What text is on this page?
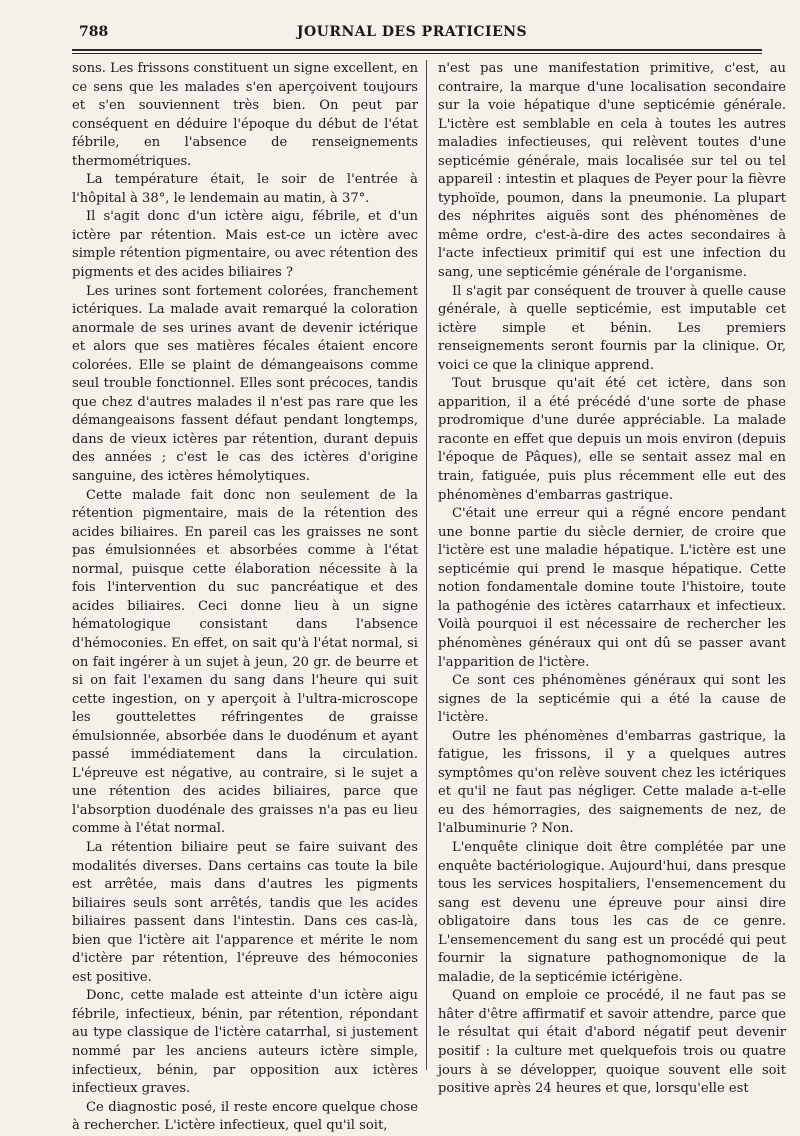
788	JOURNAL DES PRATICIENS

sons. Les frissons constituent un signe excellent, en ce sens que les malades s'en aperçoivent toujours et s'en souviennent très bien. On peut par conséquent en déduire l'époque du début de l'état fébrile, en l'absence de renseignements thermométriques.

La température était, le soir de l'entrée à l'hôpital à 38°, le lendemain au matin, à 37°.

Il s'agit donc d'un ictère aigu, fébrile, et d'un ictère par rétention. Mais est-ce un ictère avec simple rétention pigmentaire, ou avec rétention des pigments et des acides biliaires ?

Les urines sont fortement colorées, franchement ictériques. La malade avait remarqué la coloration anormale de ses urines avant de devenir ictérique et alors que ses matières fécales étaient encore colorées. Elle se plaint de démangeaisons comme seul trouble fonctionnel. Elles sont précoces, tandis que chez d'autres malades il n'est pas rare que les démangeaisons fassent défaut pendant longtemps, dans de vieux ictères par rétention, durant depuis des années ; c'est le cas des ictères d'origine sanguine, des ictères hémolytiques.

Cette malade fait donc non seulement de la rétention pigmentaire, mais de la rétention des acides biliaires. En pareil cas les graisses ne sont pas émulsionnées et absorbées comme à l'état normal, puisque cette élaboration nécessite à la fois l'intervention du suc pancréatique et des acides biliaires. Ceci donne lieu à un signe hématologique consistant dans l'absence d'hémoconies. En effet, on sait qu'à l'état normal, si on fait ingérer à un sujet à jeun, 20 gr. de beurre et si on fait l'examen du sang dans l'heure qui suit cette ingestion, on y aperçoit à l'ultra-microscope les gouttelettes réfringentes de graisse émulsionnée, absorbée dans le duodénum et ayant passé immédiatement dans la circulation. L'épreuve est négative, au contraire, si le sujet a une rétention des acides biliaires, parce que l'absorption duodénale des graisses n'a pas eu lieu comme à l'état normal.

La rétention biliaire peut se faire suivant des modalités diverses. Dans certains cas toute la bile est arrêtée, mais dans d'autres les pigments biliaires seuls sont arrêtés, tandis que les acides biliaires passent dans l'intestin. Dans ces cas-là, bien que l'ictère ait l'apparence et mérite le nom d'ictère par rétention, l'épreuve des hémoconies est positive.

Donc, cette malade est atteinte d'un ictère aigu fébrile, infectieux, bénin, par rétention, répondant au type classique de l'ictère catarrhal, si justement nommé par les anciens auteurs ictère simple, infectieux, bénin, par opposition aux ictères infectieux graves.

Ce diagnostic posé, il reste encore quelque chose à rechercher. L'ictère infectieux, quel qu'il soit,

n'est pas une manifestation primitive, c'est, au contraire, la marque d'une localisation secondaire sur la voie hépatique d'une septicémie générale. L'ictère est semblable en cela à toutes les autres maladies infectieuses, qui relèvent toutes d'une septicémie générale, mais localisée sur tel ou tel appareil : intestin et plaques de Peyer pour la fièvre typhoïde, poumon, dans la pneumonie. La plupart des néphrites aiguës sont des phénomènes de même ordre, c'est-à-dire des actes secondaires à l'acte infectieux primitif qui est une infection du sang, une septicémie générale de l'organisme.

Il s'agit par conséquent de trouver à quelle cause générale, à quelle septicémie, est imputable cet ictère simple et bénin. Les premiers renseignements seront fournis par la clinique. Or, voici ce que la clinique apprend.

Tout brusque qu'ait été cet ictère, dans son apparition, il a été précédé d'une sorte de phase prodromique d'une durée appréciable. La malade raconte en effet que depuis un mois environ (depuis l'époque de Pâques), elle se sentait assez mal en train, fatiguée, puis plus récemment elle eut des phénomènes d'embarras gastrique.

C'était une erreur qui a régné encore pendant une bonne partie du siècle dernier, de croire que l'ictère est une maladie hépatique. L'ictère est une septicémie qui prend le masque hépatique. Cette notion fondamentale domine toute l'histoire, toute la pathogénie des ictères catarrhaux et infectieux. Voilà pourquoi il est nécessaire de rechercher les phénomènes généraux qui ont dû se passer avant l'apparition de l'ictère.

Ce sont ces phénomènes généraux qui sont les signes de la septicémie qui a été la cause de l'ictère.

Outre les phénomènes d'embarras gastrique, la fatigue, les frissons, il y a quelques autres symptômes qu'on relève souvent chez les ictériques et qu'il ne faut pas négliger. Cette malade a-t-elle eu des hémorragies, des saignements de nez, de l'albuminurie ? Non.

L'enquête clinique doit être complétée par une enquête bactériologique. Aujourd'hui, dans presque tous les services hospitaliers, l'ensemencement du sang est devenu une épreuve pour ainsi dire obligatoire dans tous les cas de ce genre. L'ensemencement du sang est un procédé qui peut fournir la signature pathognomonique de la maladie, de la septicémie ictérigène.

Quand on emploie ce procédé, il ne faut pas se hâter d'être affirmatif et savoir attendre, parce que le résultat qui était d'abord négatif peut devenir positif : la culture met quelquefois trois ou quatre jours à se développer, quoique souvent elle soit positive après 24 heures et que, lorsqu'elle est
